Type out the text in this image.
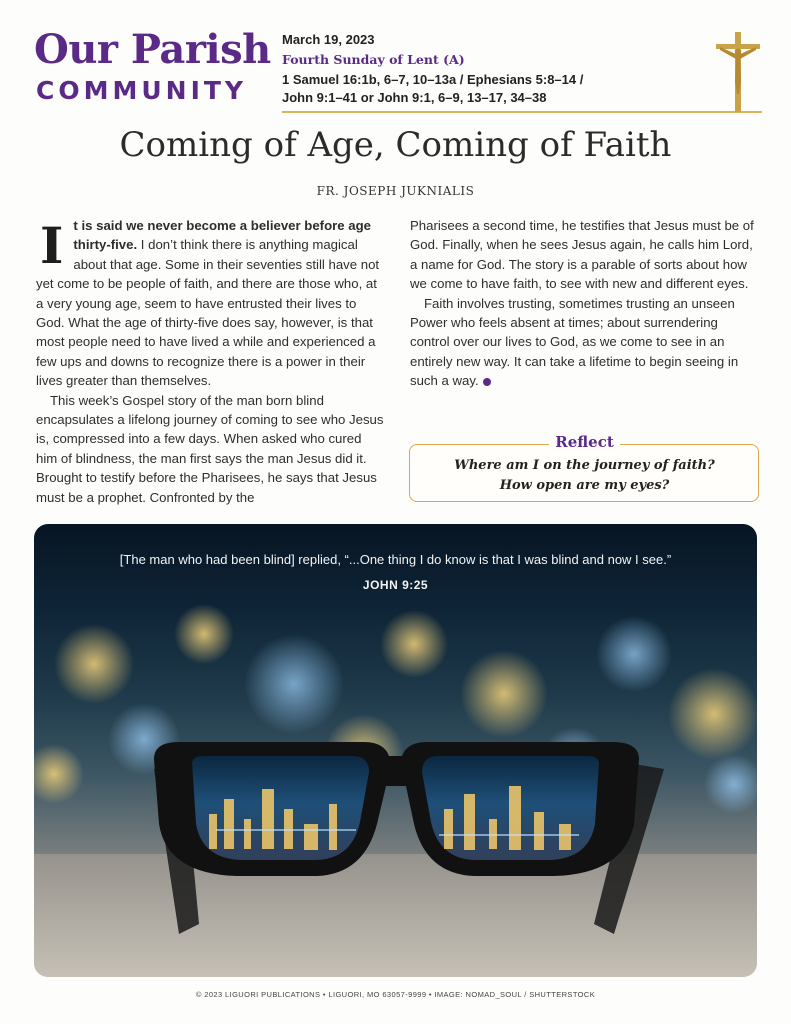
Our Parish
COMMUNITY
March 19, 2023
Fourth Sunday of Lent (A)
1 Samuel 16:1b, 6–7, 10–13a / Ephesians 5:8–14 /
John 9:1–41 or John 9:1, 6–9, 13–17, 34–38
Coming of Age, Coming of Faith
FR. JOSEPH JUKNIALIS

It is said we never become a believer before age thirty-five. I don’t think there is anything magical about that age. Some in their seventies still have not yet come to be people of faith, and there are those who, at a very young age, seem to have entrusted their lives to God. What the age of thirty-five does say, however, is that most people need to have lived a while and experienced a few ups and downs to recognize there is a power in their lives greater than themselves.

This week’s Gospel story of the man born blind encapsulates a lifelong journey of coming to see who Jesus is, compressed into a few days. When asked who cured him of blindness, the man first says the man Jesus did it. Brought to testify before the Pharisees, he says that Jesus must be a prophet. Confronted by the

Pharisees a second time, he testifies that Jesus must be of God. Finally, when he sees Jesus again, he calls him Lord, a name for God. The story is a parable of sorts about how we come to have faith, to see with new and different eyes.

Faith involves trusting, sometimes trusting an unseen Power who feels absent at times; about surrendering control over our lives to God, as we come to see in an entirely new way. It can take a lifetime to begin seeing in such a way.

Reflect
Where am I on the journey of faith?
How open are my eyes?
[The man who had been blind] replied, “...One thing I do know is that I was blind and now I see.”
JOHN 9:25
© 2023 LIGUORI PUBLICATIONS • LIGUORI, MO 63057-9999 • IMAGE: NOMAD_SOUL / SHUTTERSTOCK
